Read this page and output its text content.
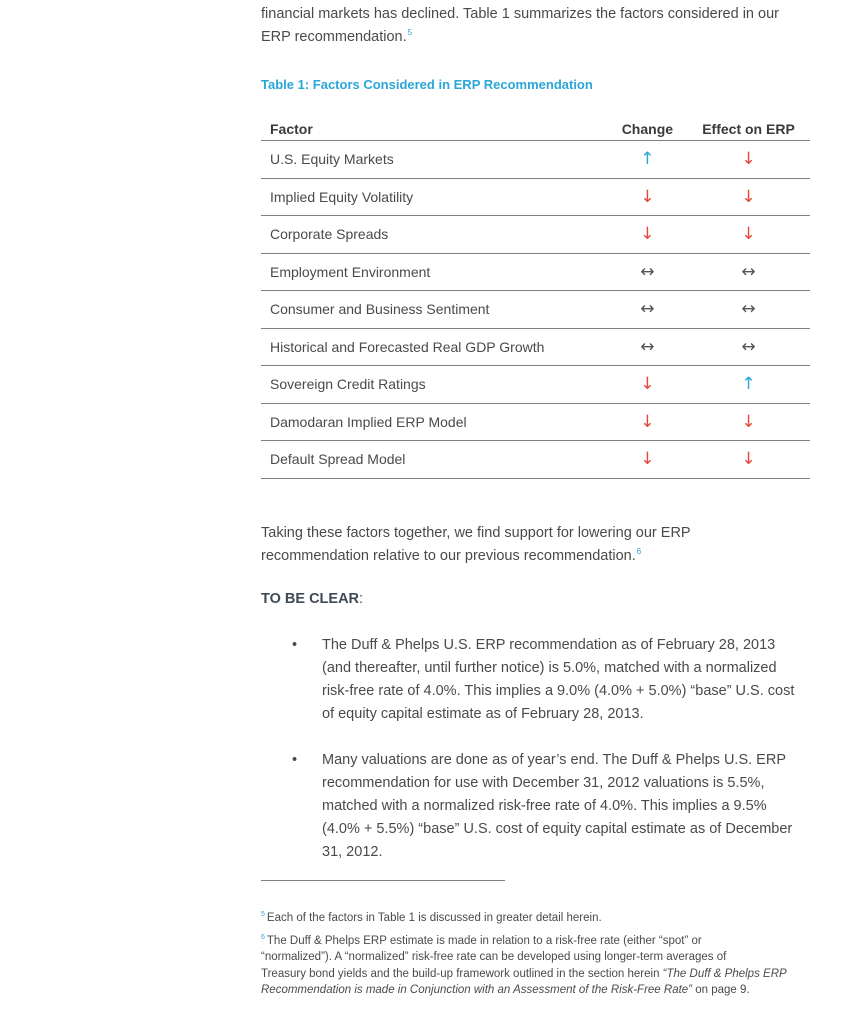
financial markets has declined. Table 1 summarizes the factors considered in our
ERP recommendation.$^5$

Table 1: Factors Considered in ERP Recommendation

Factor	Change	Effect on ERP
U.S. Equity Markets	↑	↓
Implied Equity Volatility	↓	↓
Corporate Spreads	↓	↓
Employment Environment	↔	↔
Consumer and Business Sentiment	↔	↔
Historical and Forecasted Real GDP Growth	↔	↔
Sovereign Credit Ratings	↓	↑
Damodaran Implied ERP Model	↓	↓
Default Spread Model	↓	↓

Taking these factors together, we find support for lowering our ERP
recommendation relative to our previous recommendation.$^6$

TO BE CLEAR:

• The Duff & Phelps U.S. ERP recommendation as of February 28, 2013
(and thereafter, until further notice) is 5.0%, matched with a normalized
risk-free rate of 4.0%. This implies a 9.0% (4.0% + 5.0%) “base” U.S. cost
of equity capital estimate as of February 28, 2013.
• Many valuations are done as of year’s end. The Duff & Phelps U.S. ERP
recommendation for use with December 31, 2012 valuations is 5.5%,
matched with a normalized risk-free rate of 4.0%. This implies a 9.5%
(4.0% + 5.5%) “base” U.S. cost of equity capital estimate as of December
31, 2012.

$^5$ Each of the factors in Table 1 is discussed in greater detail herein.

$^6$ The Duff & Phelps ERP estimate is made in relation to a risk-free rate (either “spot” or
“normalized”). A “normalized” risk-free rate can be developed using longer-term averages of
Treasury bond yields and the build-up framework outlined in the section herein “The Duff & Phelps ERP Recommendation is made in Conjunction with an Assessment of the Risk-Free Rate” on page 9.
